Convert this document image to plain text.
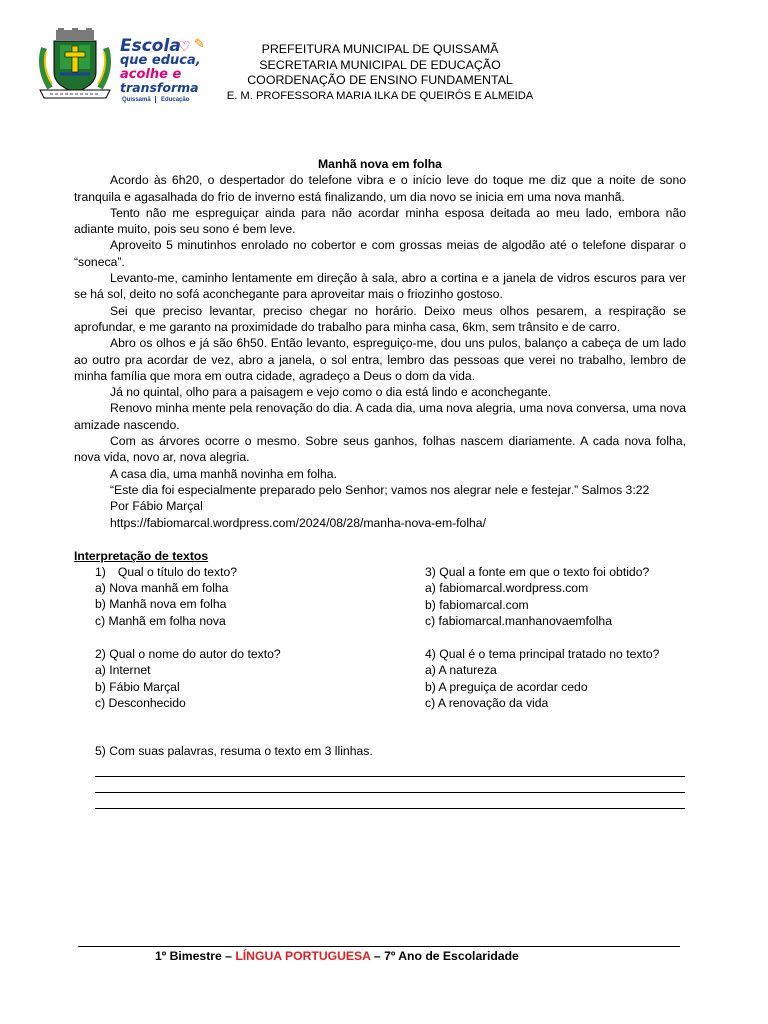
Escola
♡ ✎
que educa,
acolhe e
transforma
Quissamã Educação
PREFEITURA MUNICIPAL DE QUISSAMÃ
SECRETARIA MUNICIPAL DE EDUCAÇÃO
COORDENAÇÃO DE ENSINO FUNDAMENTAL
E. M. PROFESSORA MARIA ILKA DE QUEIRÓS E ALMEIDA
Manhã nova em folha

Acordo às 6h20, o despertador do telefone vibra e o início leve do toque me diz que a noite de sono tranquila e agasalhada do frio de inverno está finalizando, um dia novo se inicia em uma nova manhã.

Tento não me espreguiçar ainda para não acordar minha esposa deitada ao meu lado, embora não adiante muito, pois seu sono é bem leve.

Aproveito 5 minutinhos enrolado no cobertor e com grossas meias de algodão até o telefone disparar o “soneca”.

Levanto-me, caminho lentamente em direção à sala, abro a cortina e a janela de vidros escuros para ver se há sol, deito no sofá aconchegante para aproveitar mais o friozinho gostoso.

Sei que preciso levantar, preciso chegar no horário. Deixo meus olhos pesarem, a respiração se aprofundar, e me garanto na proximidade do trabalho para minha casa, 6km, sem trânsito e de carro.

Abro os olhos e já são 6h50. Então levanto, espreguiço-me, dou uns pulos, balanço a cabeça de um lado ao outro pra acordar de vez, abro a janela, o sol entra, lembro das pessoas que verei no trabalho, lembro de minha família que mora em outra cidade, agradeço a Deus o dom da vida.

Já no quintal, olho para a paisagem e vejo como o dia está lindo e aconchegante.

Renovo minha mente pela renovação do dia. A cada dia, uma nova alegria, uma nova conversa, uma nova amizade nascendo.

Com as árvores ocorre o mesmo. Sobre seus ganhos, folhas nascem diariamente. A cada nova folha, nova vida, novo ar, nova alegria.

A casa dia, uma manhã novinha em folha.

“Este dia foi especialmente preparado pelo Senhor; vamos nos alegrar nele e festejar.” Salmos 3:22

Por Fábio Marçal

https://fabiomarcal.wordpress.com/2024/08/28/manha-nova-em-folha/

Interpretação de textos
1) Qual o título do texto?
a) Nova manhã em folha
b) Manhã nova em folha
c) Manhã em folha nova
2) Qual o nome do autor do texto?
a) Internet
b) Fábio Marçal
c) Desconhecido
3) Qual a fonte em que o texto foi obtido?
a) fabiomarcal.wordpress.com
b) fabiomarcal.com
c) fabiomarcal.manhanovaemfolha
4) Qual é o tema principal tratado no texto?
a) A natureza
b) A preguiça de acordar cedo
c) A renovação da vida
5) Com suas palavras, resuma o texto em 3 llinhas.
1º Bimestre – LÍNGUA PORTUGUESA – 7º Ano de Escolaridade
